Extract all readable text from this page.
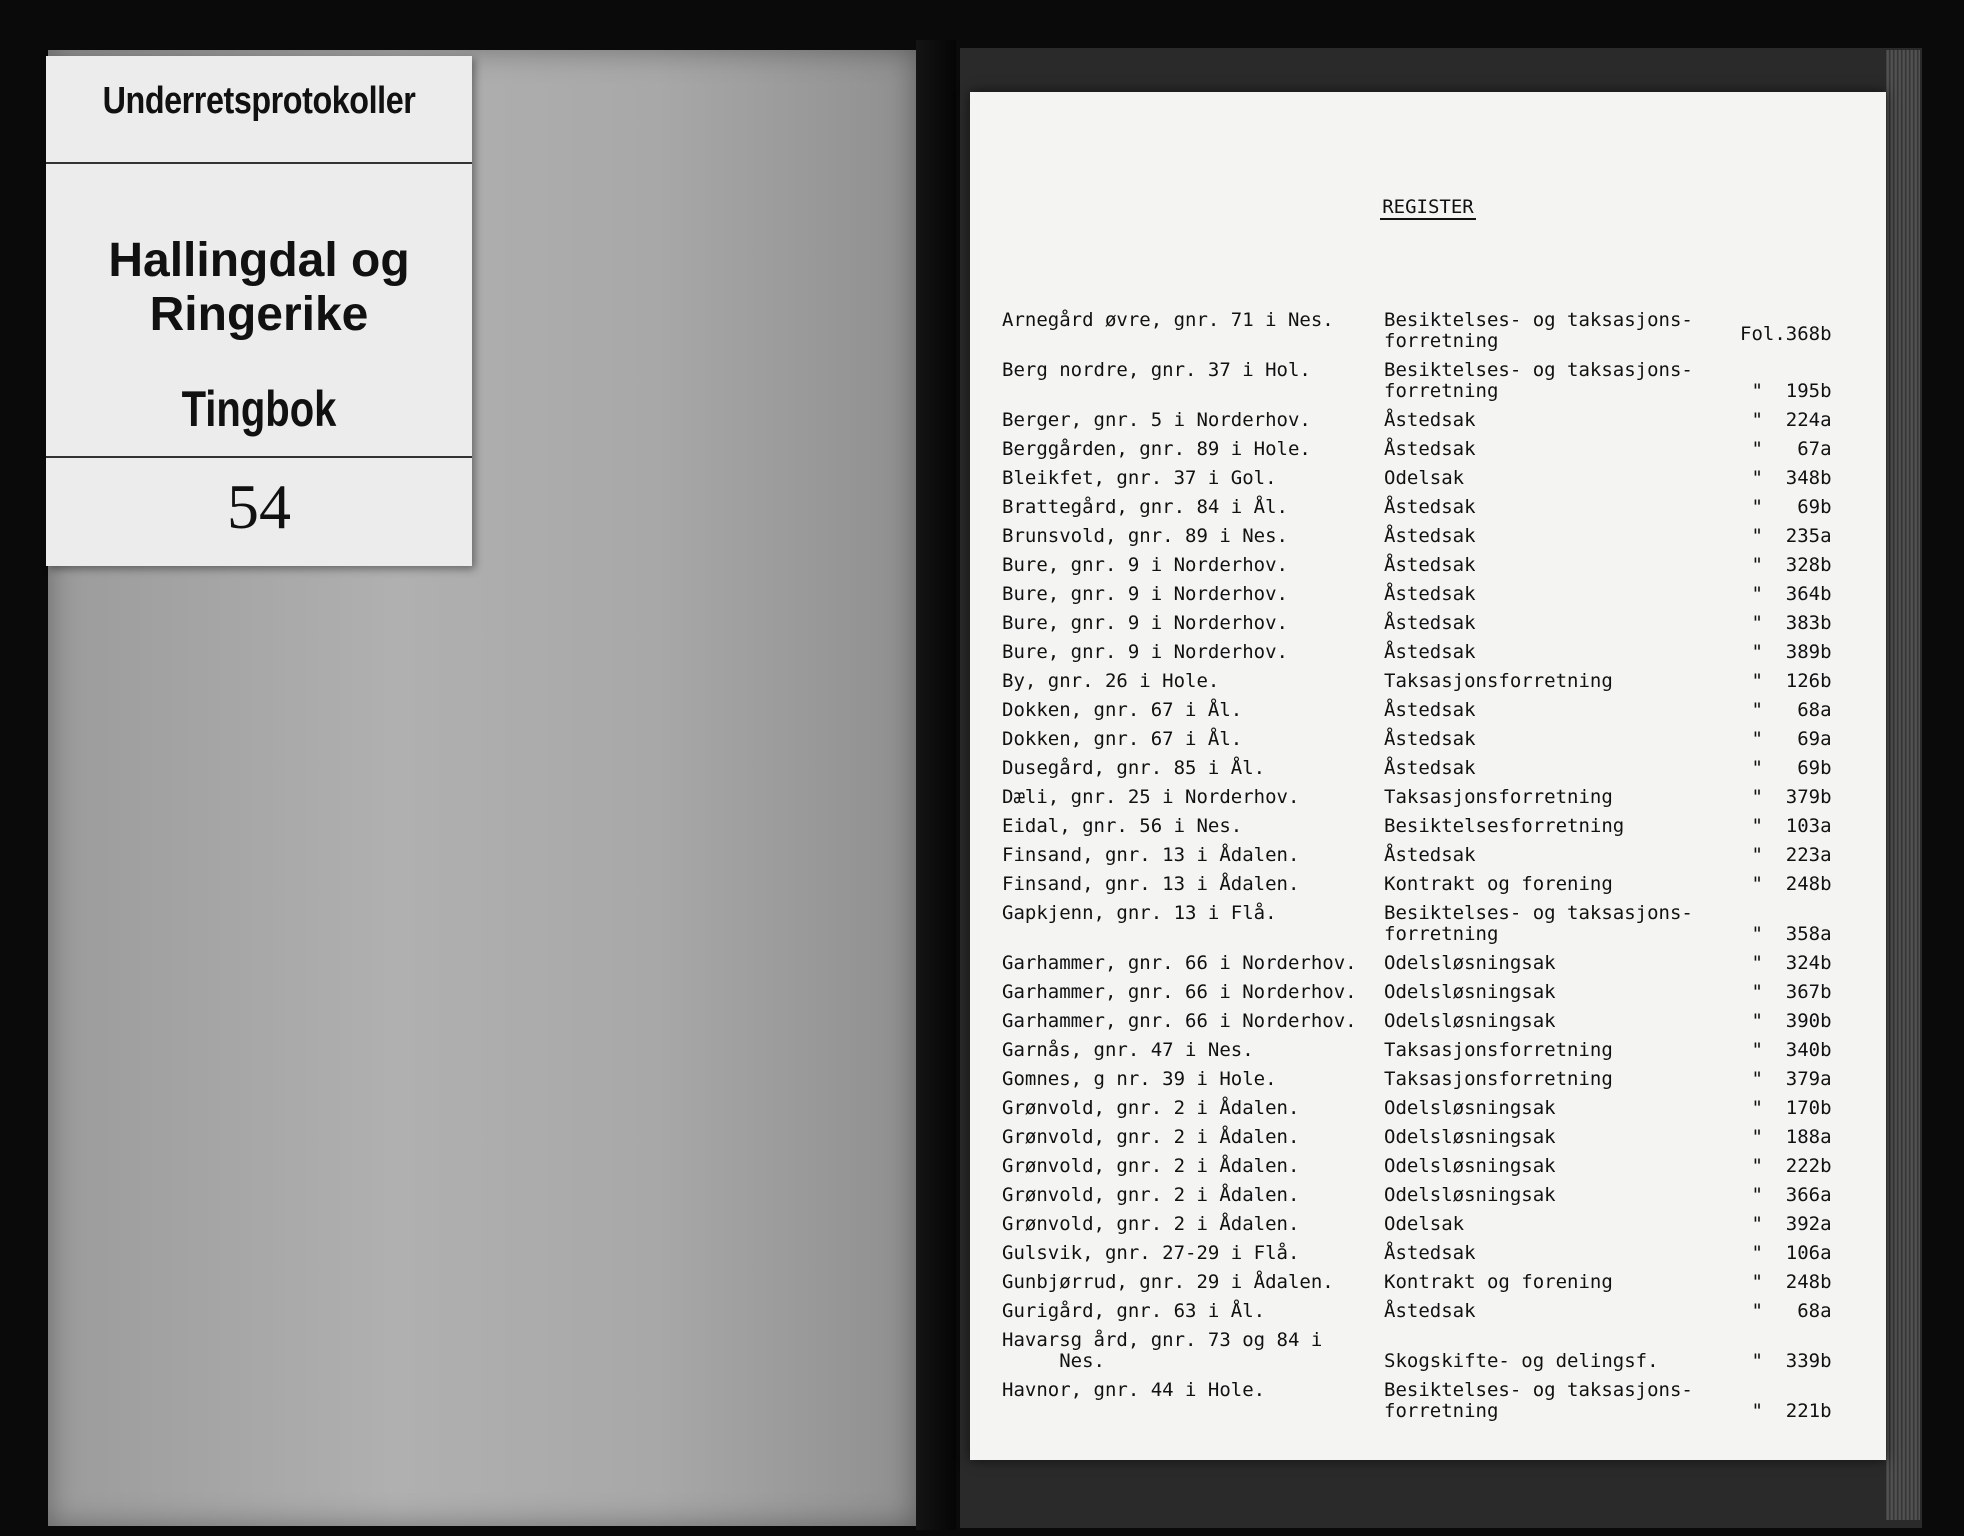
Underretsprotokoller
Hallingdal og
Ringerike
Tingbok
54
REGISTER
Arnegård øvre, gnr. 71 i Nes.	Besiktelses- og taksasjons-
forretning	Fol.368b
Berg nordre, gnr. 37 i Hol.	Besiktelses- og taksasjons-
forretning	"  195b
Berger, gnr. 5 i Norderhov.	Åstedsak	"  224a
Berggården, gnr. 89 i Hole.	Åstedsak	"   67a
Bleikfet, gnr. 37 i Gol.	Odelsak	"  348b
Brattegård, gnr. 84 i Ål.	Åstedsak	"   69b
Brunsvold, gnr. 89 i Nes.	Åstedsak	"  235a
Bure, gnr. 9 i Norderhov.	Åstedsak	"  328b
Bure, gnr. 9 i Norderhov.	Åstedsak	"  364b
Bure, gnr. 9 i Norderhov.	Åstedsak	"  383b
Bure, gnr. 9 i Norderhov.	Åstedsak	"  389b
By, gnr. 26 i Hole.	Taksasjonsforretning	"  126b
Dokken, gnr. 67 i Ål.	Åstedsak	"   68a
Dokken, gnr. 67 i Ål.	Åstedsak	"   69a
Dusegård, gnr. 85 i Ål.	Åstedsak	"   69b
Dæli, gnr. 25 i Norderhov.	Taksasjonsforretning	"  379b
Eidal, gnr. 56 i Nes.	Besiktelsesforretning	"  103a
Finsand, gnr. 13 i Ådalen.	Åstedsak	"  223a
Finsand, gnr. 13 i Ådalen.	Kontrakt og forening	"  248b
Gapkjenn, gnr. 13 i Flå.	Besiktelses- og taksasjons-
forretning	"  358a
Garhammer, gnr. 66 i Norderhov.	Odelsløsningsak	"  324b
Garhammer, gnr. 66 i Norderhov.	Odelsløsningsak	"  367b
Garhammer, gnr. 66 i Norderhov.	Odelsløsningsak	"  390b
Garnås, gnr. 47 i Nes.	Taksasjonsforretning	"  340b
Gomnes, g nr. 39 i Hole.	Taksasjonsforretning	"  379a
Grønvold, gnr. 2 i Ådalen.	Odelsløsningsak	"  170b
Grønvold, gnr. 2 i Ådalen.	Odelsløsningsak	"  188a
Grønvold, gnr. 2 i Ådalen.	Odelsløsningsak	"  222b
Grønvold, gnr. 2 i Ådalen.	Odelsløsningsak	"  366a
Grønvold, gnr. 2 i Ådalen.	Odelsak	"  392a
Gulsvik, gnr. 27-29 i Flå.	Åstedsak	"  106a
Gunbjørrud, gnr. 29 i Ådalen.	Kontrakt og forening	"  248b
Gurigård, gnr. 63 i Ål.	Åstedsak	"   68a
Havarsg ård, gnr. 73 og 84 i
Nes.	
Skogskifte- og delingsf.	"  339b
Havnor, gnr. 44 i Hole.	Besiktelses- og taksasjons-
forretning	"  221b
